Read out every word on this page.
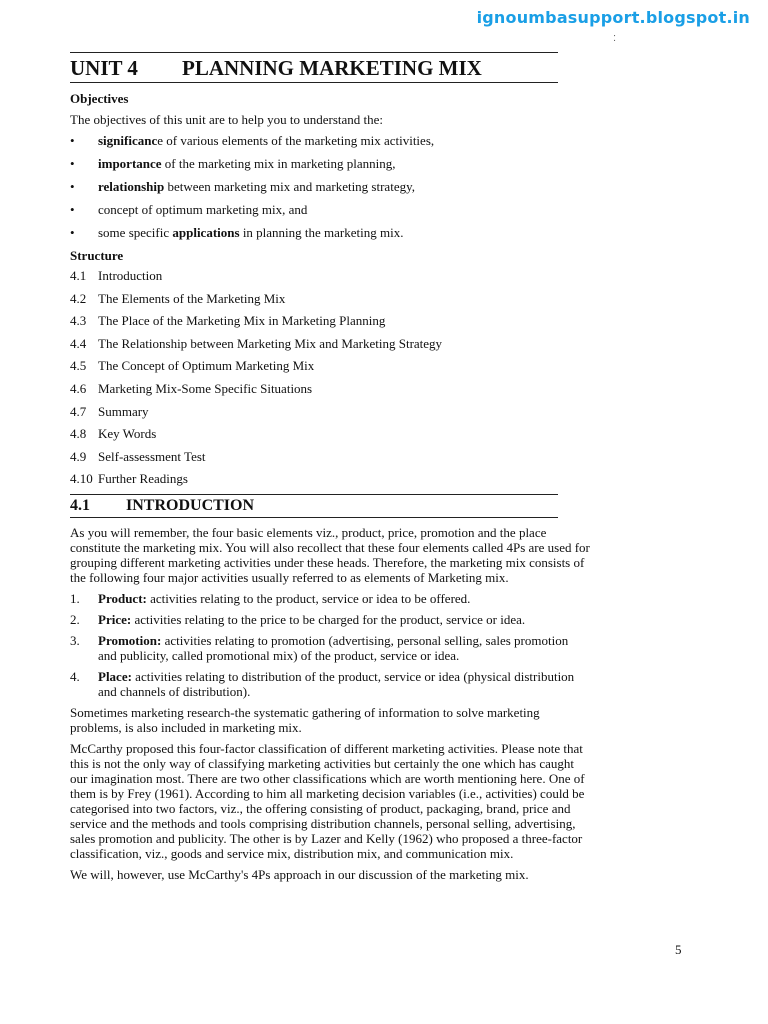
ignoumbasupport.blogspot.in
:
UNIT 4	PLANNING MARKETING MIX
Objectives

The objectives of this unit are to help you to understand the:

•	significance of various elements of the marketing mix activities,
•	importance of the marketing mix in marketing planning,
•	relationship between marketing mix and marketing strategy,
•	concept of optimum marketing mix, and
•	some specific applications in planning the marketing mix.
Structure
4.1 Introduction
4.2 The Elements of the Marketing Mix
4.3 The Place of the Marketing Mix in Marketing Planning
4.4 The Relationship between Marketing Mix and Marketing Strategy
4.5 The Concept of Optimum Marketing Mix
4.6 Marketing Mix-Some Specific Situations
4.7 Summary
4.8 Key Words
4.9 Self-assessment Test
4.10 Further Readings
4.1	INTRODUCTION

As you will remember, the four basic elements viz., product, price, promotion and the place constitute the marketing mix. You will also recollect that these four elements called 4Ps are used for grouping different marketing activities under these heads. Therefore, the marketing mix consists of the following four major activities usually referred to as elements of Marketing mix.

1.	Product: activities relating to the product, service or idea to be offered.
2.	Price: activities relating to the price to be charged for the product, service or idea.
3.	Promotion: activities relating to promotion (advertising, personal selling, sales promotion and publicity, called promotional mix) of the product, service or idea.
4.	Place: activities relating to distribution of the product, service or idea (physical distribution and channels of distribution).

Sometimes marketing research-the systematic gathering of information to solve marketing problems, is also included in marketing mix.

McCarthy proposed this four-factor classification of different marketing activities. Please note that this is not the only way of classifying marketing activities but certainly the one which has caught our imagination most. There are two other classifications which are worth mentioning here. One of them is by Frey (1961). According to him all marketing decision variables (i.e., activities) could be categorised into two factors, viz., the offering consisting of product, packaging, brand, price and service and the methods and tools comprising distribution channels, personal selling, advertising, sales promotion and publicity. The other is by Lazer and Kelly (1962) who proposed a three-factor classification, viz., goods and service mix, distribution mix, and communication mix.

We will, however, use McCarthy's 4Ps approach in our discussion of the marketing mix.

5
